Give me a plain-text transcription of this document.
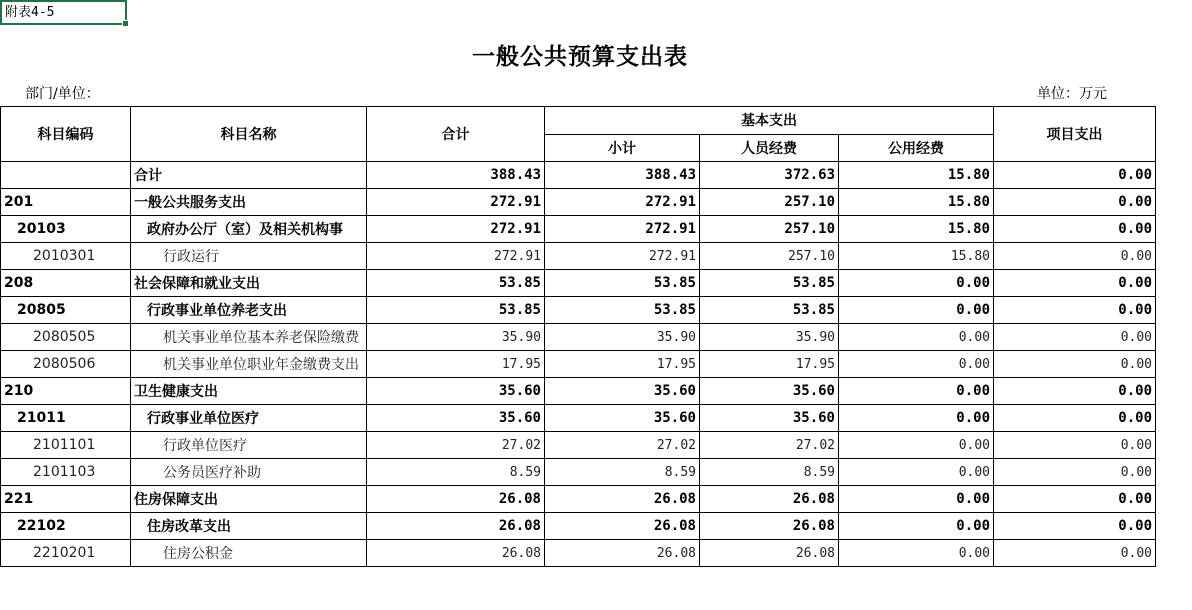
附表4-5
一般公共预算支出表
部门/单位：	单位：万元
科目编码	科目名称	合计	基本支出			项目支出
			小计	人员经费	公用经费	
	合计	388.43	388.43	372.63	15.80	0.00
201	一般公共服务支出	272.91	272.91	257.10	15.80	0.00
20103	政府办公厅（室）及相关机构事	272.91	272.91	257.10	15.80	0.00
2010301	行政运行	272.91	272.91	257.10	15.80	0.00
208	社会保障和就业支出	53.85	53.85	53.85	0.00	0.00
20805	行政事业单位养老支出	53.85	53.85	53.85	0.00	0.00
2080505	机关事业单位基本养老保险缴费	35.90	35.90	35.90	0.00	0.00
2080506	机关事业单位职业年金缴费支出	17.95	17.95	17.95	0.00	0.00
210	卫生健康支出	35.60	35.60	35.60	0.00	0.00
21011	行政事业单位医疗	35.60	35.60	35.60	0.00	0.00
2101101	行政单位医疗	27.02	27.02	27.02	0.00	0.00
2101103	公务员医疗补助	8.59	8.59	8.59	0.00	0.00
221	住房保障支出	26.08	26.08	26.08	0.00	0.00
22102	住房改革支出	26.08	26.08	26.08	0.00	0.00
2210201	住房公积金	26.08	26.08	26.08	0.00	0.00
